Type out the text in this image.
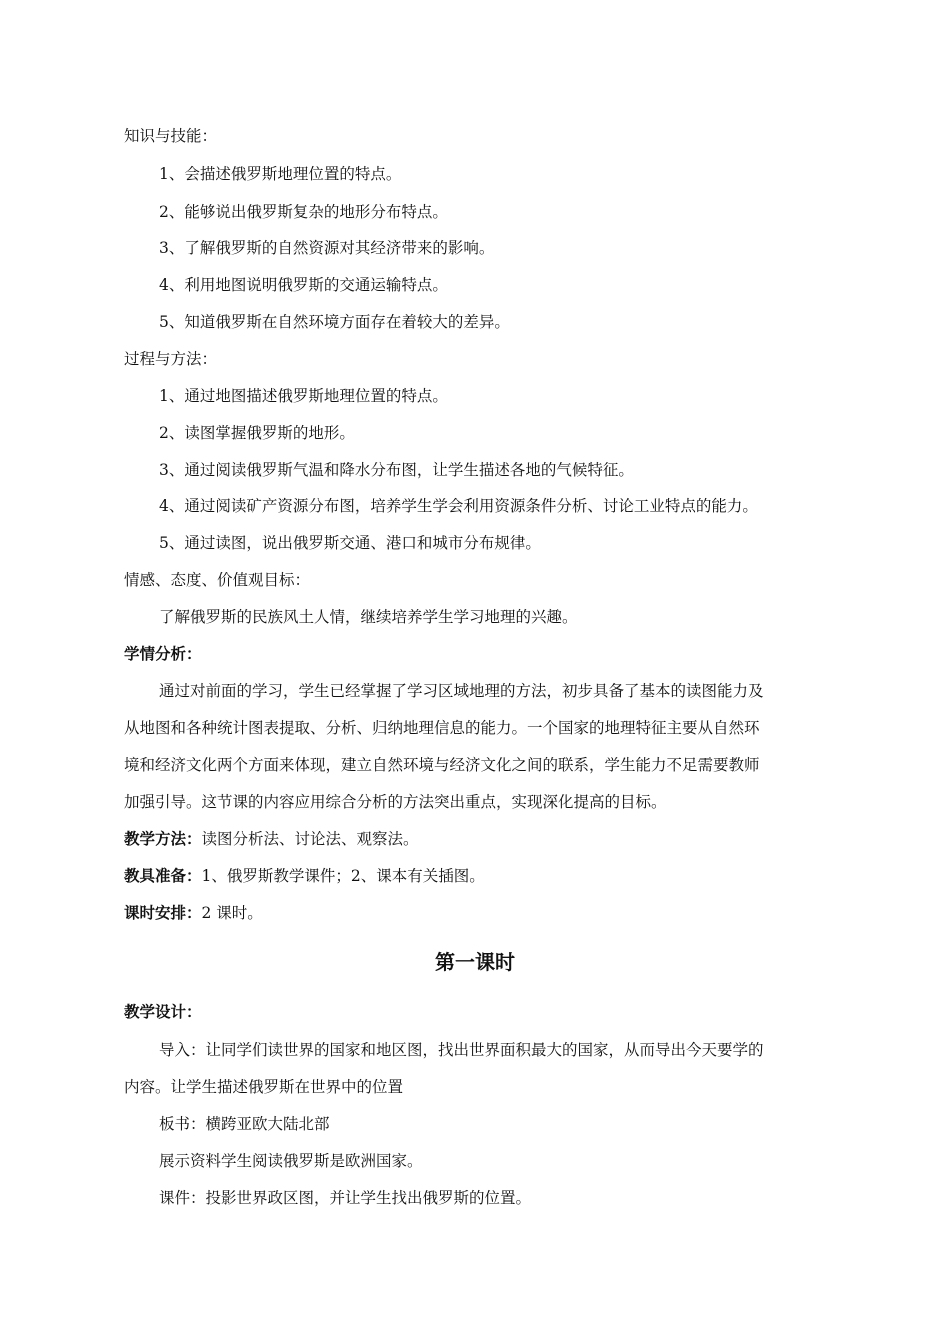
知识与技能：
1、会描述俄罗斯地理位置的特点。
2、能够说出俄罗斯复杂的地形分布特点。
3、了解俄罗斯的自然资源对其经济带来的影响。
4、利用地图说明俄罗斯的交通运输特点。
5、知道俄罗斯在自然环境方面存在着较大的差异。
过程与方法：
1、通过地图描述俄罗斯地理位置的特点。
2、读图掌握俄罗斯的地形。
3、通过阅读俄罗斯气温和降水分布图，让学生描述各地的气候特征。
4、通过阅读矿产资源分布图，培养学生学会利用资源条件分析、讨论工业特点的能力。
5、通过读图，说出俄罗斯交通、港口和城市分布规律。
情感、态度、价值观目标：
了解俄罗斯的民族风土人情，继续培养学生学习地理的兴趣。
学情分析：
通过对前面的学习，学生已经掌握了学习区域地理的方法，初步具备了基本的读图能力及
从地图和各种统计图表提取、分析、归纳地理信息的能力。一个国家的地理特征主要从自然环
境和经济文化两个方面来体现，建立自然环境与经济文化之间的联系，学生能力不足需要教师
加强引导。这节课的内容应用综合分析的方法突出重点，实现深化提高的目标。
教学方法：读图分析法、讨论法、观察法。
教具准备：1、俄罗斯教学课件；2、课本有关插图。
课时安排：2 课时。
第一课时
教学设计：
导入：让同学们读世界的国家和地区图，找出世界面积最大的国家，从而导出今天要学的
内容。让学生描述俄罗斯在世界中的位置
板书：横跨亚欧大陆北部
展示资料学生阅读俄罗斯是欧洲国家。
课件：投影世界政区图，并让学生找出俄罗斯的位置。
